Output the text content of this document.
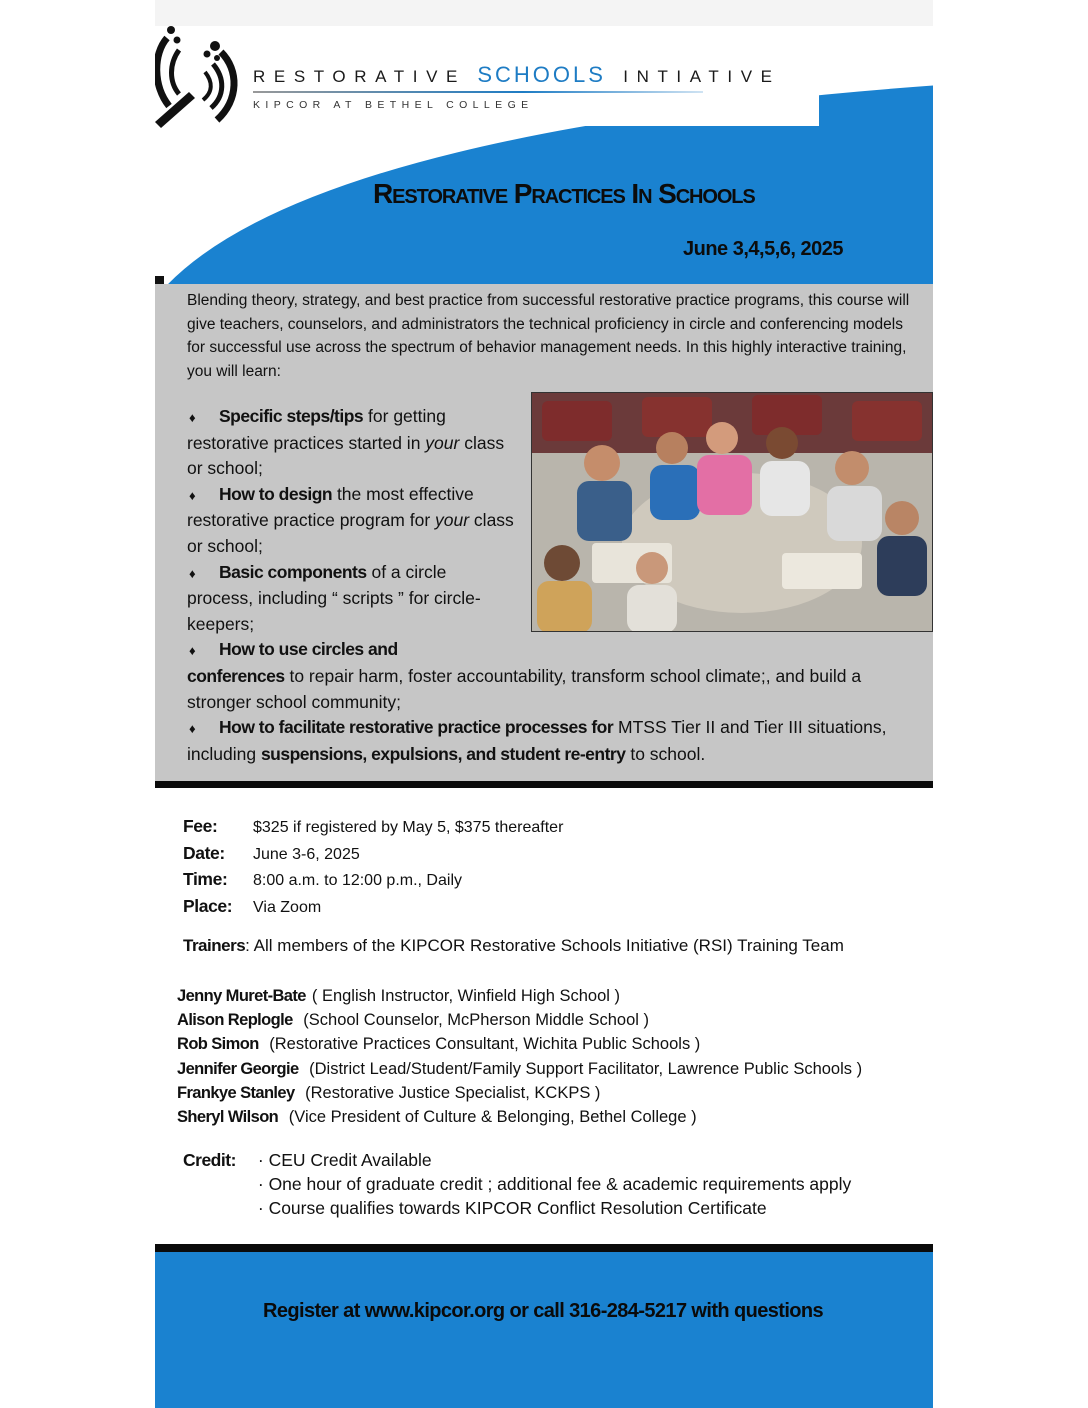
RESTORATIVE SCHOOLS INTIATIVE
KIPCOR AT BETHEL COLLEGE
Restorative Practices In Schools
June 3,4,5,6, 2025

Blending theory, strategy, and best practice from successful restorative practice programs, this course will give teachers, counselors, and administrators the technical proficiency in circle and conferencing models for successful use across the spectrum of behavior management needs. In this highly interactive training, you will learn:

♦ Specific steps/tips for getting restorative practices started in your class or school;
♦ How to design the most effective restorative practice program for your class or school;
♦ Basic components of a circle process, including “ scripts ” for circle-keepers;
♦ How to use circles and
conferences to repair harm, foster accountability, transform school climate;, and build a stronger school community;
♦ How to facilitate restorative practice processes for MTSS Tier II and Tier III situations, including suspensions, expulsions, and student re-entry to school.
Fee: $325 if registered by May 5, $375 thereafter
Date: June 3-6, 2025
Time: 8:00 a.m. to 12:00 p.m., Daily
Place: Via Zoom
Trainers: All members of the KIPCOR Restorative Schools Initiative (RSI) Training Team
Jenny Muret-Bate ( English Instructor, Winfield High School )
Alison Replogle (School Counselor, McPherson Middle School )
Rob Simon (Restorative Practices Consultant, Wichita Public Schools )
Jennifer Georgie (District Lead/Student/Family Support Facilitator, Lawrence Public Schools )
Frankye Stanley (Restorative Justice Specialist, KCKPS )
Sheryl Wilson (Vice President of Culture & Belonging, Bethel College )
Credit: · CEU Credit Available
· One hour of graduate credit ; additional fee & academic requirements apply
· Course qualifies towards KIPCOR Conflict Resolution Certificate
Register at www.kipcor.org or call 316-284-5217 with questions
